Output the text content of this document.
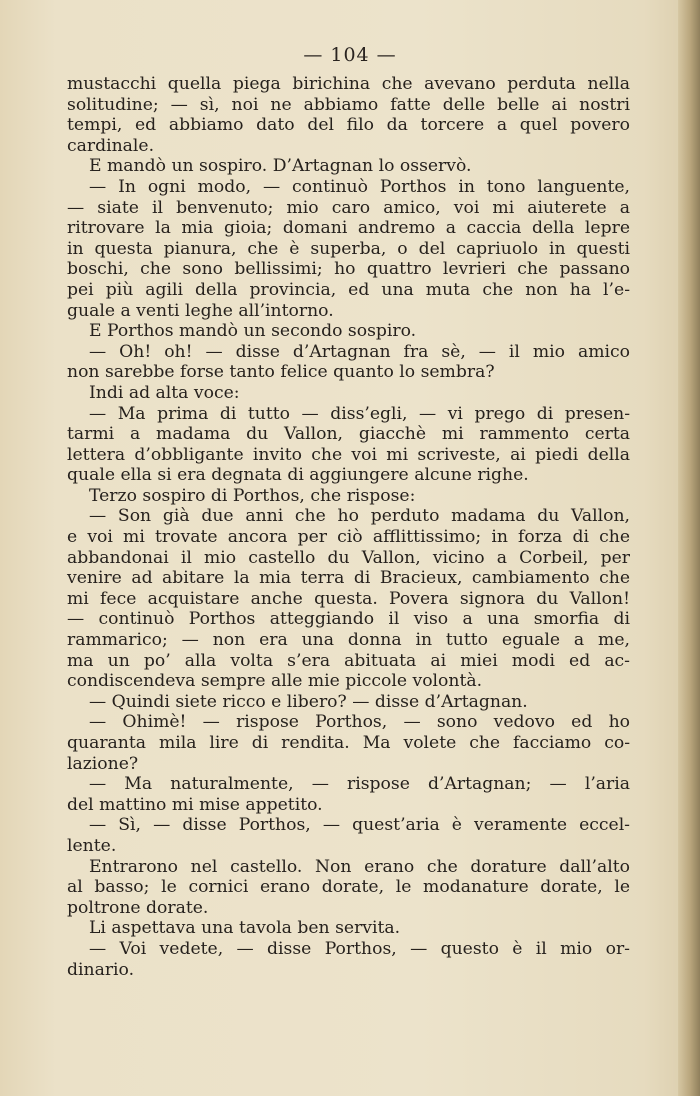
— 104 —
mustacchi quella piega birichina che avevano perduta nella
solitudine; — sì, noi ne abbiamo fatte delle belle ai nostri
tempi, ed abbiamo dato del filo da torcere a quel povero
cardinale.
E mandò un sospiro. D’Artagnan lo osservò.
— In ogni modo, — continuò Porthos in tono languente,
— siate il benvenuto; mio caro amico, voi mi aiuterete a
ritrovare la mia gioia; domani andremo a caccia della lepre
in questa pianura, che è superba, o del capriuolo in questi
boschi, che sono bellissimi; ho quattro levrieri che passano
pei più agili della provincia, ed una muta che non ha l’e-
guale a venti leghe all’intorno.
E Porthos mandò un secondo sospiro.
— Oh! oh! — disse d’Artagnan fra sè, — il mio amico
non sarebbe forse tanto felice quanto lo sembra?
Indi ad alta voce:
— Ma prima di tutto — diss’egli, — vi prego di presen-
tarmi a madama du Vallon, giacchè mi rammento certa
lettera d’obbligante invito che voi mi scriveste, ai piedi della
quale ella si era degnata di aggiungere alcune righe.
Terzo sospiro di Porthos, che rispose:
— Son già due anni che ho perduto madama du Vallon,
e voi mi trovate ancora per ciò afflittissimo; in forza di che
abbandonai il mio castello du Vallon, vicino a Corbeil, per
venire ad abitare la mia terra di Bracieux, cambiamento che
mi fece acquistare anche questa. Povera signora du Vallon!
— continuò Porthos atteggiando il viso a una smorfia di
rammarico; — non era una donna in tutto eguale a me,
ma un po’ alla volta s’era abituata ai miei modi ed ac-
condiscendeva sempre alle mie piccole volontà.
— Quindi siete ricco e libero? — disse d’Artagnan.
— Ohimè! — rispose Porthos, — sono vedovo ed ho
quaranta mila lire di rendita. Ma volete che facciamo co-
lazione?
— Ma naturalmente, — rispose d’Artagnan; — l’aria
del mattino mi mise appetito.
— Sì, — disse Porthos, — quest’aria è veramente eccel-
lente.
Entrarono nel castello. Non erano che dorature dall’alto
al basso; le cornici erano dorate, le modanature dorate, le
poltrone dorate.
Li aspettava una tavola ben servita.
— Voi vedete, — disse Porthos, — questo è il mio or-
dinario.
